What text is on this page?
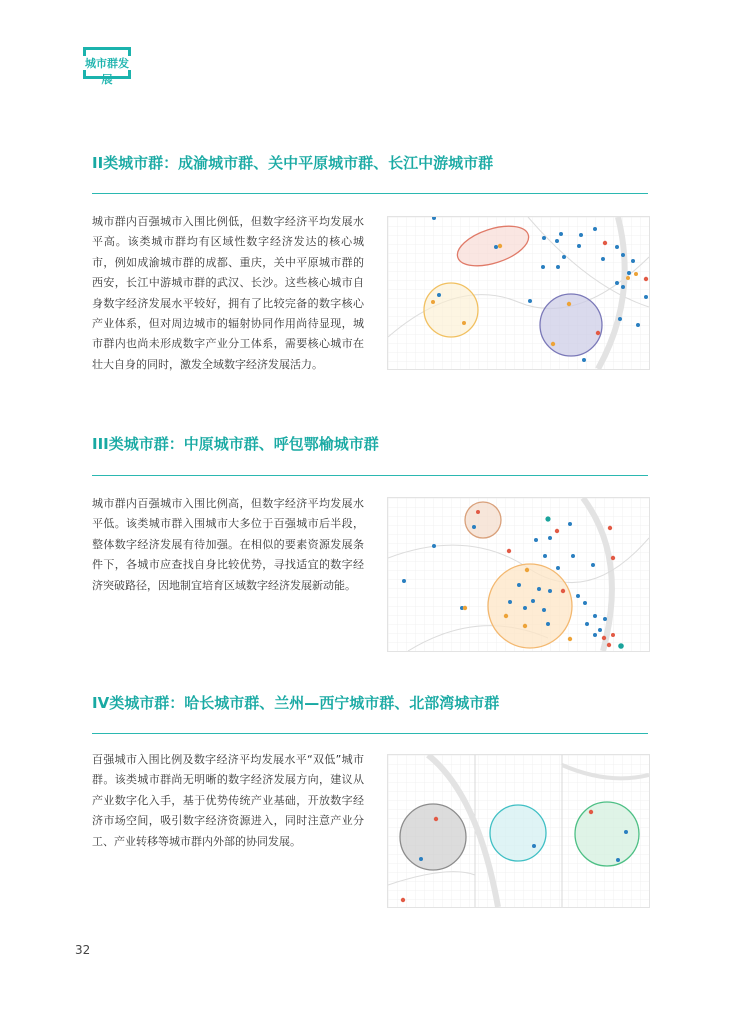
城市群发展
II类城市群：成渝城市群、关中平原城市群、长江中游城市群
城市群内百强城市入围比例低，但数字经济平均发展水平高。该类城市群均有区域性数字经济发达的核心城市，例如成渝城市群的成都、重庆，关中平原城市群的西安，长江中游城市群的武汉、长沙。这些核心城市自身数字经济发展水平较好，拥有了比较完备的数字核心产业体系，但对周边城市的辐射协同作用尚待显现，城市群内也尚未形成数字产业分工体系，需要核心城市在壮大自身的同时，激发全域数字经济发展活力。
III类城市群：中原城市群、呼包鄂榆城市群
城市群内百强城市入围比例高，但数字经济平均发展水平低。该类城市群入围城市大多位于百强城市后半段，整体数字经济发展有待加强。在相似的要素资源发展条件下，各城市应查找自身比较优势，寻找适宜的数字经济突破路径，因地制宜培育区域数字经济发展新动能。
IV类城市群：哈长城市群、兰州—西宁城市群、北部湾城市群
百强城市入围比例及数字经济平均发展水平“双低”城市群。该类城市群尚无明晰的数字经济发展方向，建议从产业数字化入手，基于优势传统产业基础，开放数字经济市场空间，吸引数字经济资源进入，同时注意产业分工、产业转移等城市群内外部的协同发展。
32
